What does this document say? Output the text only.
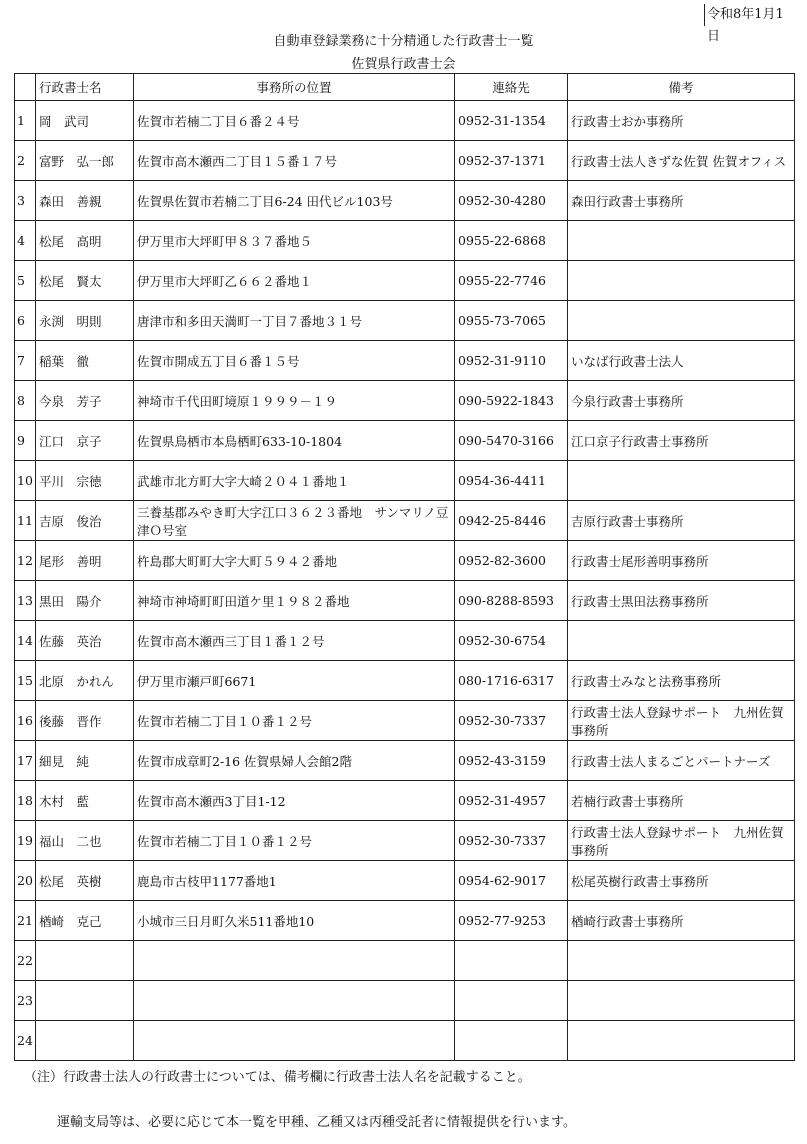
令和8年1月1日
自動車登録業務に十分精通した行政書士一覧
佐賀県行政書士会
	行政書士名	事務所の位置	連絡先	備考
1	岡　武司	佐賀市若楠二丁目６番２４号	0952-31-1354	行政書士おか事務所
2	富野　弘一郎	佐賀市高木瀬西二丁目１５番１７号	0952-37-1371	行政書士法人きずな佐賀 佐賀オフィス
3	森田　善親	佐賀県佐賀市若楠二丁目6-24 田代ビル103号	0952-30-4280	森田行政書士事務所
4	松尾　高明	伊万里市大坪町甲８３７番地５	0955-22-6868	
5	松尾　賢太	伊万里市大坪町乙６６２番地１	0955-22-7746	
6	永渕　明則	唐津市和多田天満町一丁目７番地３１号	0955-73-7065	
7	稲葉　徹	佐賀市開成五丁目６番１５号	0952-31-9110	いなば行政書士法人
8	今泉　芳子	神埼市千代田町境原１９９９－１９	090-5922-1843	今泉行政書士事務所
9	江口　京子	佐賀県鳥栖市本鳥栖町633-10-1804	090-5470-3166	江口京子行政書士事務所
10	平川　宗徳	武雄市北方町大字大崎２０４１番地１	0954-36-4411	
11	吉原　俊治	三養基郡みやき町大字江口３６２３番地　サンマリノ豆津Ｏ号室	0942-25-8446	吉原行政書士事務所
12	尾形　善明	杵島郡大町町大字大町５９４２番地	0952-82-3600	行政書士尾形善明事務所
13	黒田　陽介	神埼市神埼町町田道ケ里１９８２番地	090-8288-8593	行政書士黒田法務事務所
14	佐藤　英治	佐賀市高木瀬西三丁目１番１２号	0952-30-6754	
15	北原　かれん	伊万里市瀬戸町6671	080-1716-6317	行政書士みなと法務事務所
16	後藤　晋作	佐賀市若楠二丁目１０番１２号	0952-30-7337	行政書士法人登録サポート　九州佐賀事務所
17	細見　純	佐賀市成章町2-16 佐賀県婦人会館2階	0952-43-3159	行政書士法人まるごとパートナーズ
18	木村　藍	佐賀市高木瀬西3丁目1-12	0952-31-4957	若楠行政書士事務所
19	福山　二也	佐賀市若楠二丁目１０番１２号	0952-30-7337	行政書士法人登録サポート　九州佐賀事務所
20	松尾　英樹	鹿島市古枝甲1177番地1	0954-62-9017	松尾英樹行政書士事務所
21	楢崎　克己	小城市三日月町久米511番地10	0952-77-9253	楢崎行政書士事務所
22				
23				
24				
（注）行政書士法人の行政書士については、備考欄に行政書士法人名を記載すること。
運輸支局等は、必要に応じて本一覧を甲種、乙種又は丙種受託者に情報提供を行います。
